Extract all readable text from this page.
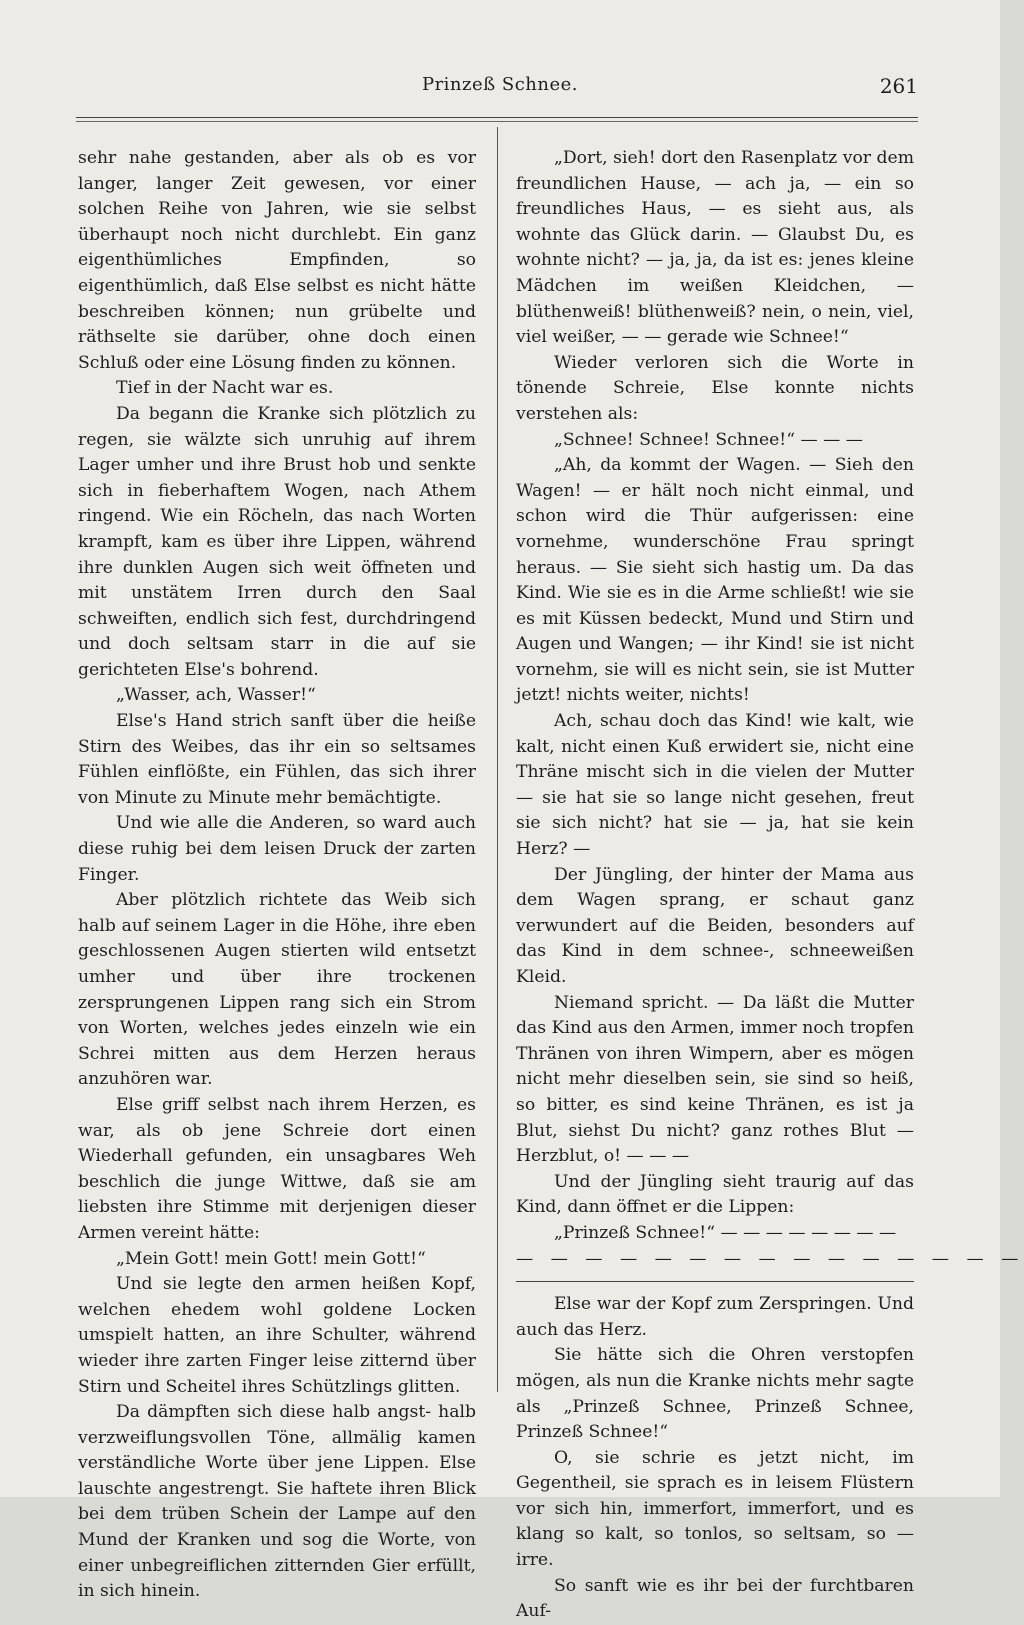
Prinzeß Schnee.	261

sehr nahe gestanden, aber als ob es vor langer, langer Zeit gewesen, vor einer solchen Reihe von Jahren, wie sie selbst überhaupt noch nicht durchlebt. Ein ganz eigenthümliches Empfinden, so eigenthümlich, daß Else selbst es nicht hätte beschreiben können; nun grübelte und räthselte sie darüber, ohne doch einen Schluß oder eine Lösung finden zu können.

Tief in der Nacht war es.

Da begann die Kranke sich plötzlich zu regen, sie wälzte sich unruhig auf ihrem Lager umher und ihre Brust hob und senkte sich in fieberhaftem Wogen, nach Athem ringend. Wie ein Röcheln, das nach Worten krampft, kam es über ihre Lippen, während ihre dunklen Augen sich weit öffneten und mit unstätem Irren durch den Saal schweiften, endlich sich fest, durchdringend und doch seltsam starr in die auf sie gerichteten Else's bohrend.

„Wasser, ach, Wasser!“

Else's Hand strich sanft über die heiße Stirn des Weibes, das ihr ein so seltsames Fühlen einflößte, ein Fühlen, das sich ihrer von Minute zu Minute mehr bemächtigte.

Und wie alle die Anderen, so ward auch diese ruhig bei dem leisen Druck der zarten Finger.

Aber plötzlich richtete das Weib sich halb auf seinem Lager in die Höhe, ihre eben geschlossenen Augen stierten wild entsetzt umher und über ihre trockenen zersprungenen Lippen rang sich ein Strom von Worten, welches jedes einzeln wie ein Schrei mitten aus dem Herzen heraus anzuhören war.

Else griff selbst nach ihrem Herzen, es war, als ob jene Schreie dort einen Wiederhall gefunden, ein unsagbares Weh beschlich die junge Wittwe, daß sie am liebsten ihre Stimme mit derjenigen dieser Armen vereint hätte:

„Mein Gott! mein Gott! mein Gott!“

Und sie legte den armen heißen Kopf, welchen ehedem wohl goldene Locken umspielt hatten, an ihre Schulter, während wieder ihre zarten Finger leise zitternd über Stirn und Scheitel ihres Schützlings glitten.

Da dämpften sich diese halb angst- halb verzweiflungsvollen Töne, allmälig kamen verständliche Worte über jene Lippen. Else lauschte angestrengt. Sie haftete ihren Blick bei dem trüben Schein der Lampe auf den Mund der Kranken und sog die Worte, von einer unbegreiflichen zitternden Gier erfüllt, in sich hinein.

„Dort, sieh! dort den Rasenplatz vor dem freundlichen Hause, — ach ja, — ein so freundliches Haus, — es sieht aus, als wohnte das Glück darin. — Glaubst Du, es wohnte nicht? — ja, ja, da ist es: jenes kleine Mädchen im weißen Kleidchen, — blüthenweiß! blüthenweiß? nein, o nein, viel, viel weißer, — — gerade wie Schnee!“

Wieder verloren sich die Worte in tönende Schreie, Else konnte nichts verstehen als:

„Schnee! Schnee! Schnee!“ — — —

„Ah, da kommt der Wagen. — Sieh den Wagen! — er hält noch nicht einmal, und schon wird die Thür aufgerissen: eine vornehme, wunderschöne Frau springt heraus. — Sie sieht sich hastig um. Da das Kind. Wie sie es in die Arme schließt! wie sie es mit Küssen bedeckt, Mund und Stirn und Augen und Wangen; — ihr Kind! sie ist nicht vornehm, sie will es nicht sein, sie ist Mutter jetzt! nichts weiter, nichts!

Ach, schau doch das Kind! wie kalt, wie kalt, nicht einen Kuß erwidert sie, nicht eine Thräne mischt sich in die vielen der Mutter — sie hat sie so lange nicht gesehen, freut sie sich nicht? hat sie — ja, hat sie kein Herz? —

Der Jüngling, der hinter der Mama aus dem Wagen sprang, er schaut ganz verwundert auf die Beiden, besonders auf das Kind in dem schnee-, schneeweißen Kleid.

Niemand spricht. — Da läßt die Mutter das Kind aus den Armen, immer noch tropfen Thränen von ihren Wimpern, aber es mögen nicht mehr dieselben sein, sie sind so heiß, so bitter, es sind keine Thränen, es ist ja Blut, siehst Du nicht? ganz rothes Blut — Herzblut, o! — — —

Und der Jüngling sieht traurig auf das Kind, dann öffnet er die Lippen:

„Prinzeß Schnee!“ — — — — — — — —

— — — — — — — — — — — — — — —

Else war der Kopf zum Zerspringen. Und auch das Herz.

Sie hätte sich die Ohren verstopfen mögen, als nun die Kranke nichts mehr sagte als „Prinzeß Schnee, Prinzeß Schnee, Prinzeß Schnee!“

O, sie schrie es jetzt nicht, im Gegentheil, sie sprach es in leisem Flüstern vor sich hin, immerfort, immerfort, und es klang so kalt, so tonlos, so seltsam, so — irre.

So sanft wie es ihr bei der furchtbaren Auf-
